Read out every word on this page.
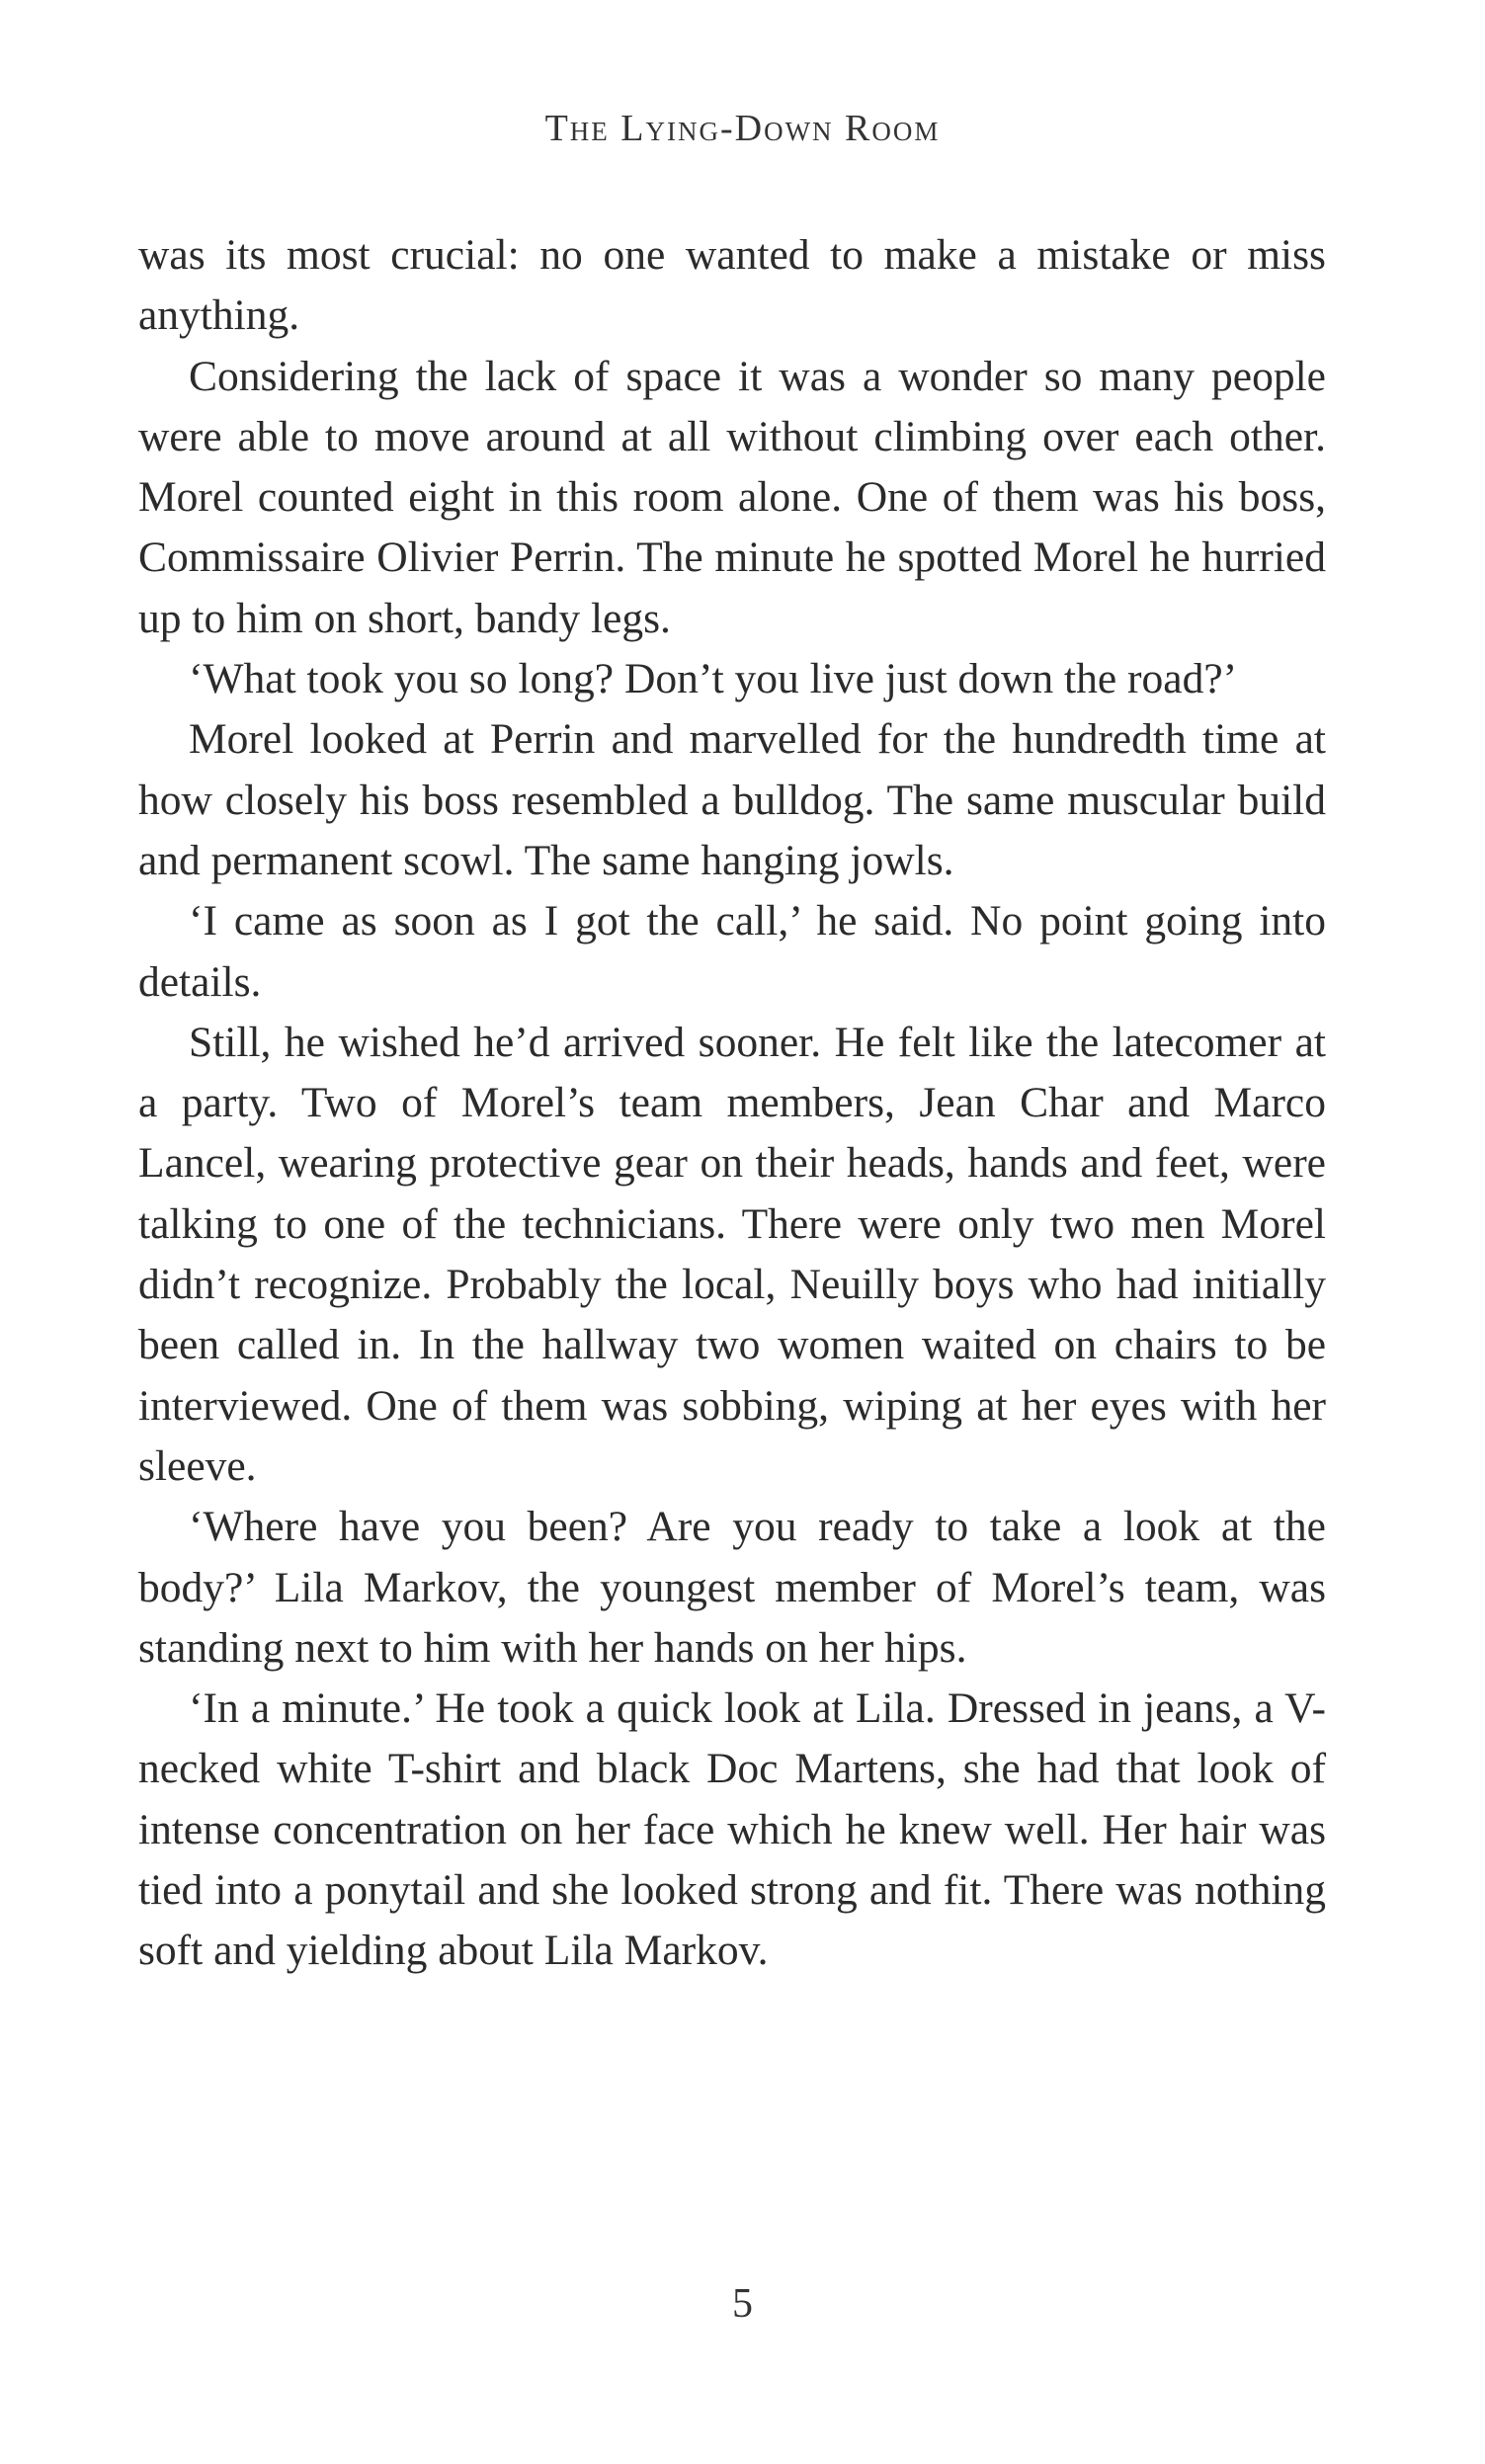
The Lying-Down Room

was its most crucial: no one wanted to make a mistake or miss anything.

Considering the lack of space it was a wonder so many people were able to move around at all without climbing over each other. Morel counted eight in this room alone. One of them was his boss, Commissaire Olivier Perrin. The minute he spotted Morel he hurried up to him on short, bandy legs.

‘What took you so long? Don’t you live just down the road?’

Morel looked at Perrin and marvelled for the hundredth time at how closely his boss resembled a bulldog. The same muscular build and permanent scowl. The same hanging jowls.

‘I came as soon as I got the call,’ he said. No point going into details.

Still, he wished he’d arrived sooner. He felt like the latecomer at a party. Two of Morel’s team members, Jean Char and Marco Lancel, wearing protective gear on their heads, hands and feet, were talking to one of the technicians. There were only two men Morel didn’t recognize. Probably the local, Neuilly boys who had initially been called in. In the hallway two women waited on chairs to be interviewed. One of them was sobbing, wiping at her eyes with her sleeve.

‘Where have you been? Are you ready to take a look at the body?’ Lila Markov, the youngest member of Morel’s team, was standing next to him with her hands on her hips.

‘In a minute.’ He took a quick look at Lila. Dressed in jeans, a V-necked white T-shirt and black Doc Martens, she had that look of intense concentration on her face which he knew well. Her hair was tied into a ponytail and she looked strong and fit. There was nothing soft and yielding about Lila Markov.

5
